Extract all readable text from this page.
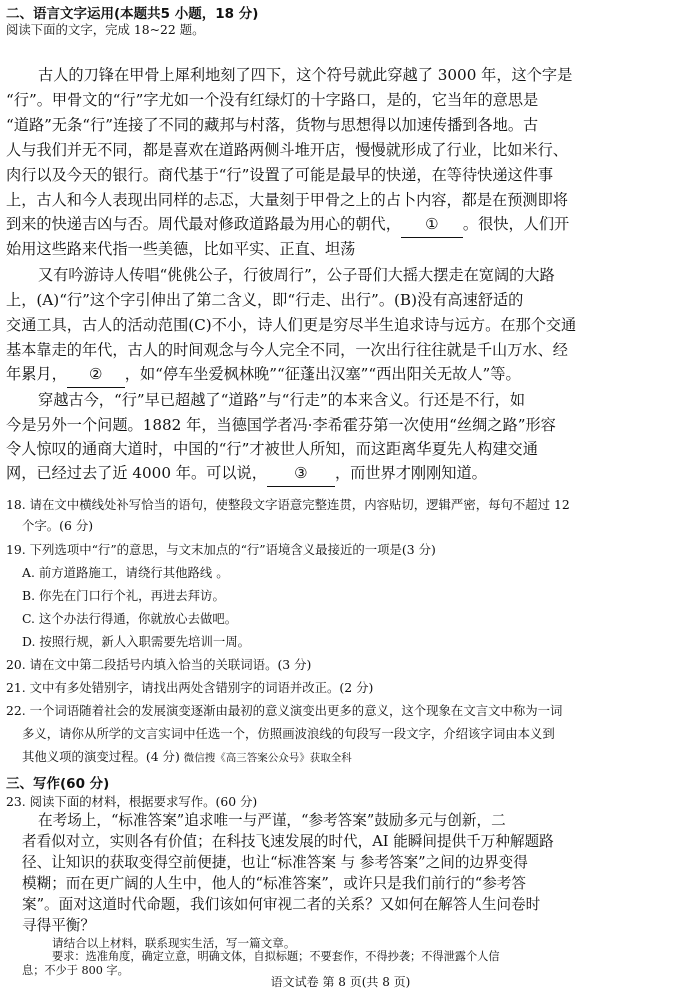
二、语言文字运用(本题共5 小题，18 分)
阅读下面的文字，完成 18~22 题。
古人的刀锋在甲骨上犀利地刻了四下，这个符号就此穿越了 3000 年，这个字是
“行”。甲骨文的“行”字尤如一个没有红绿灯的十字路口，是的，它当年的意思是
“道路”无条“行”连接了不同的藏邦与村落，货物与思想得以加速传播到各地。古
人与我们并无不同，都是喜欢在道路两侧斗堆开店，慢慢就形成了行业，比如米行、
肉行以及今天的银行。商代基于“行”设置了可能是最早的快递，在等待快递这件事
上，古人和今人表现出同样的忐忑，大量刻于甲骨之上的占卜内容，都是在预测即将
到来的快递吉凶与否。周代最对修政道路最为用心的朝代， ① 。很快，人们开
始用这些路来代指一些美德，比如平实、正直、坦荡
又有吟游诗人传唱“佻佻公子，行彼周行”，公子哥们大摇大摆走在宽阔的大路
上，(A)“行”这个字引伸出了第二含义，即“行走、出行”。(B)没有高速舒适的
交通工具，古人的活动范围(C)不小，诗人们更是穷尽半生追求诗与远方。在那个交通
基本靠走的年代，古人的时间观念与今人完全不同，一次出行往往就是千山万水、经
年累月， ② ，如“停车坐爱枫林晚”“征蓬出汉塞”“西出阳关无故人”等。
穿越古今，“行”早已超越了“道路”与“行走”的本来含义。行还是不行，如
今是另外一个问题。1882 年，当德国学者冯·李希霍芬第一次使用“丝绸之路”形容
令人惊叹的通商大道时，中国的“行”才被世人所知，而这距离华夏先人构建交通
网，已经过去了近 4000 年。可以说， ③ ，而世界才刚刚知道。
18. 请在文中横线处补写恰当的语句，使整段文字语意完整连贯，内容贴切，逻辑严密，每句不超过 12
个字。(6 分)
19. 下列选项中“行”的意思，与文末加点的“行”语境含义最接近的一项是(3 分)
A. 前方道路施工，请绕行其他路线 。
B. 你先在门口行个礼，再进去拜访。
C. 这个办法行得通，你就放心去做吧。
D. 按照行规，新人入职需要先培训一周。
20. 请在文中第二段括号内填入恰当的关联词语。(3 分)
21. 文中有多处错别字，请找出两处含错别字的词语并改正。(2 分)
22. 一个词语随着社会的发展演变逐渐由最初的意义演变出更多的意义，这个现象在文言文中称为一词
多义，请你从所学的文言实词中任选一个，仿照画波浪线的句段写一段文字，介绍该字词由本义到
其他义项的演变过程。(4 分) 微信搜《高三答案公众号》获取全科
三、写作(60 分)
23. 阅读下面的材料，根据要求写作。(60 分)
在考场上，“标准答案”追求唯一与严谨，“参考答案”鼓励多元与创新，二
者看似对立，实则各有价值；在科技飞速发展的时代，AI 能瞬间提供千万种解题路
径、让知识的获取变得空前便捷，也让“标准答案 与 参考答案”之间的边界变得
模糊；而在更广阔的人生中，他人的“标准答案”，或许只是我们前行的“参考答
案”。面对这道时代命题，我们该如何审视二者的关系？又如何在解答人生问卷时
寻得平衡？
语文试卷 第 8 页(共 8 页)
请结合以上材料，联系现实生活，写一篇文章。
要求：选准角度，确定立意，明确文体，自拟标题；不要套作，不得抄袭；不得泄露个人信
息；不少于 800 字。
